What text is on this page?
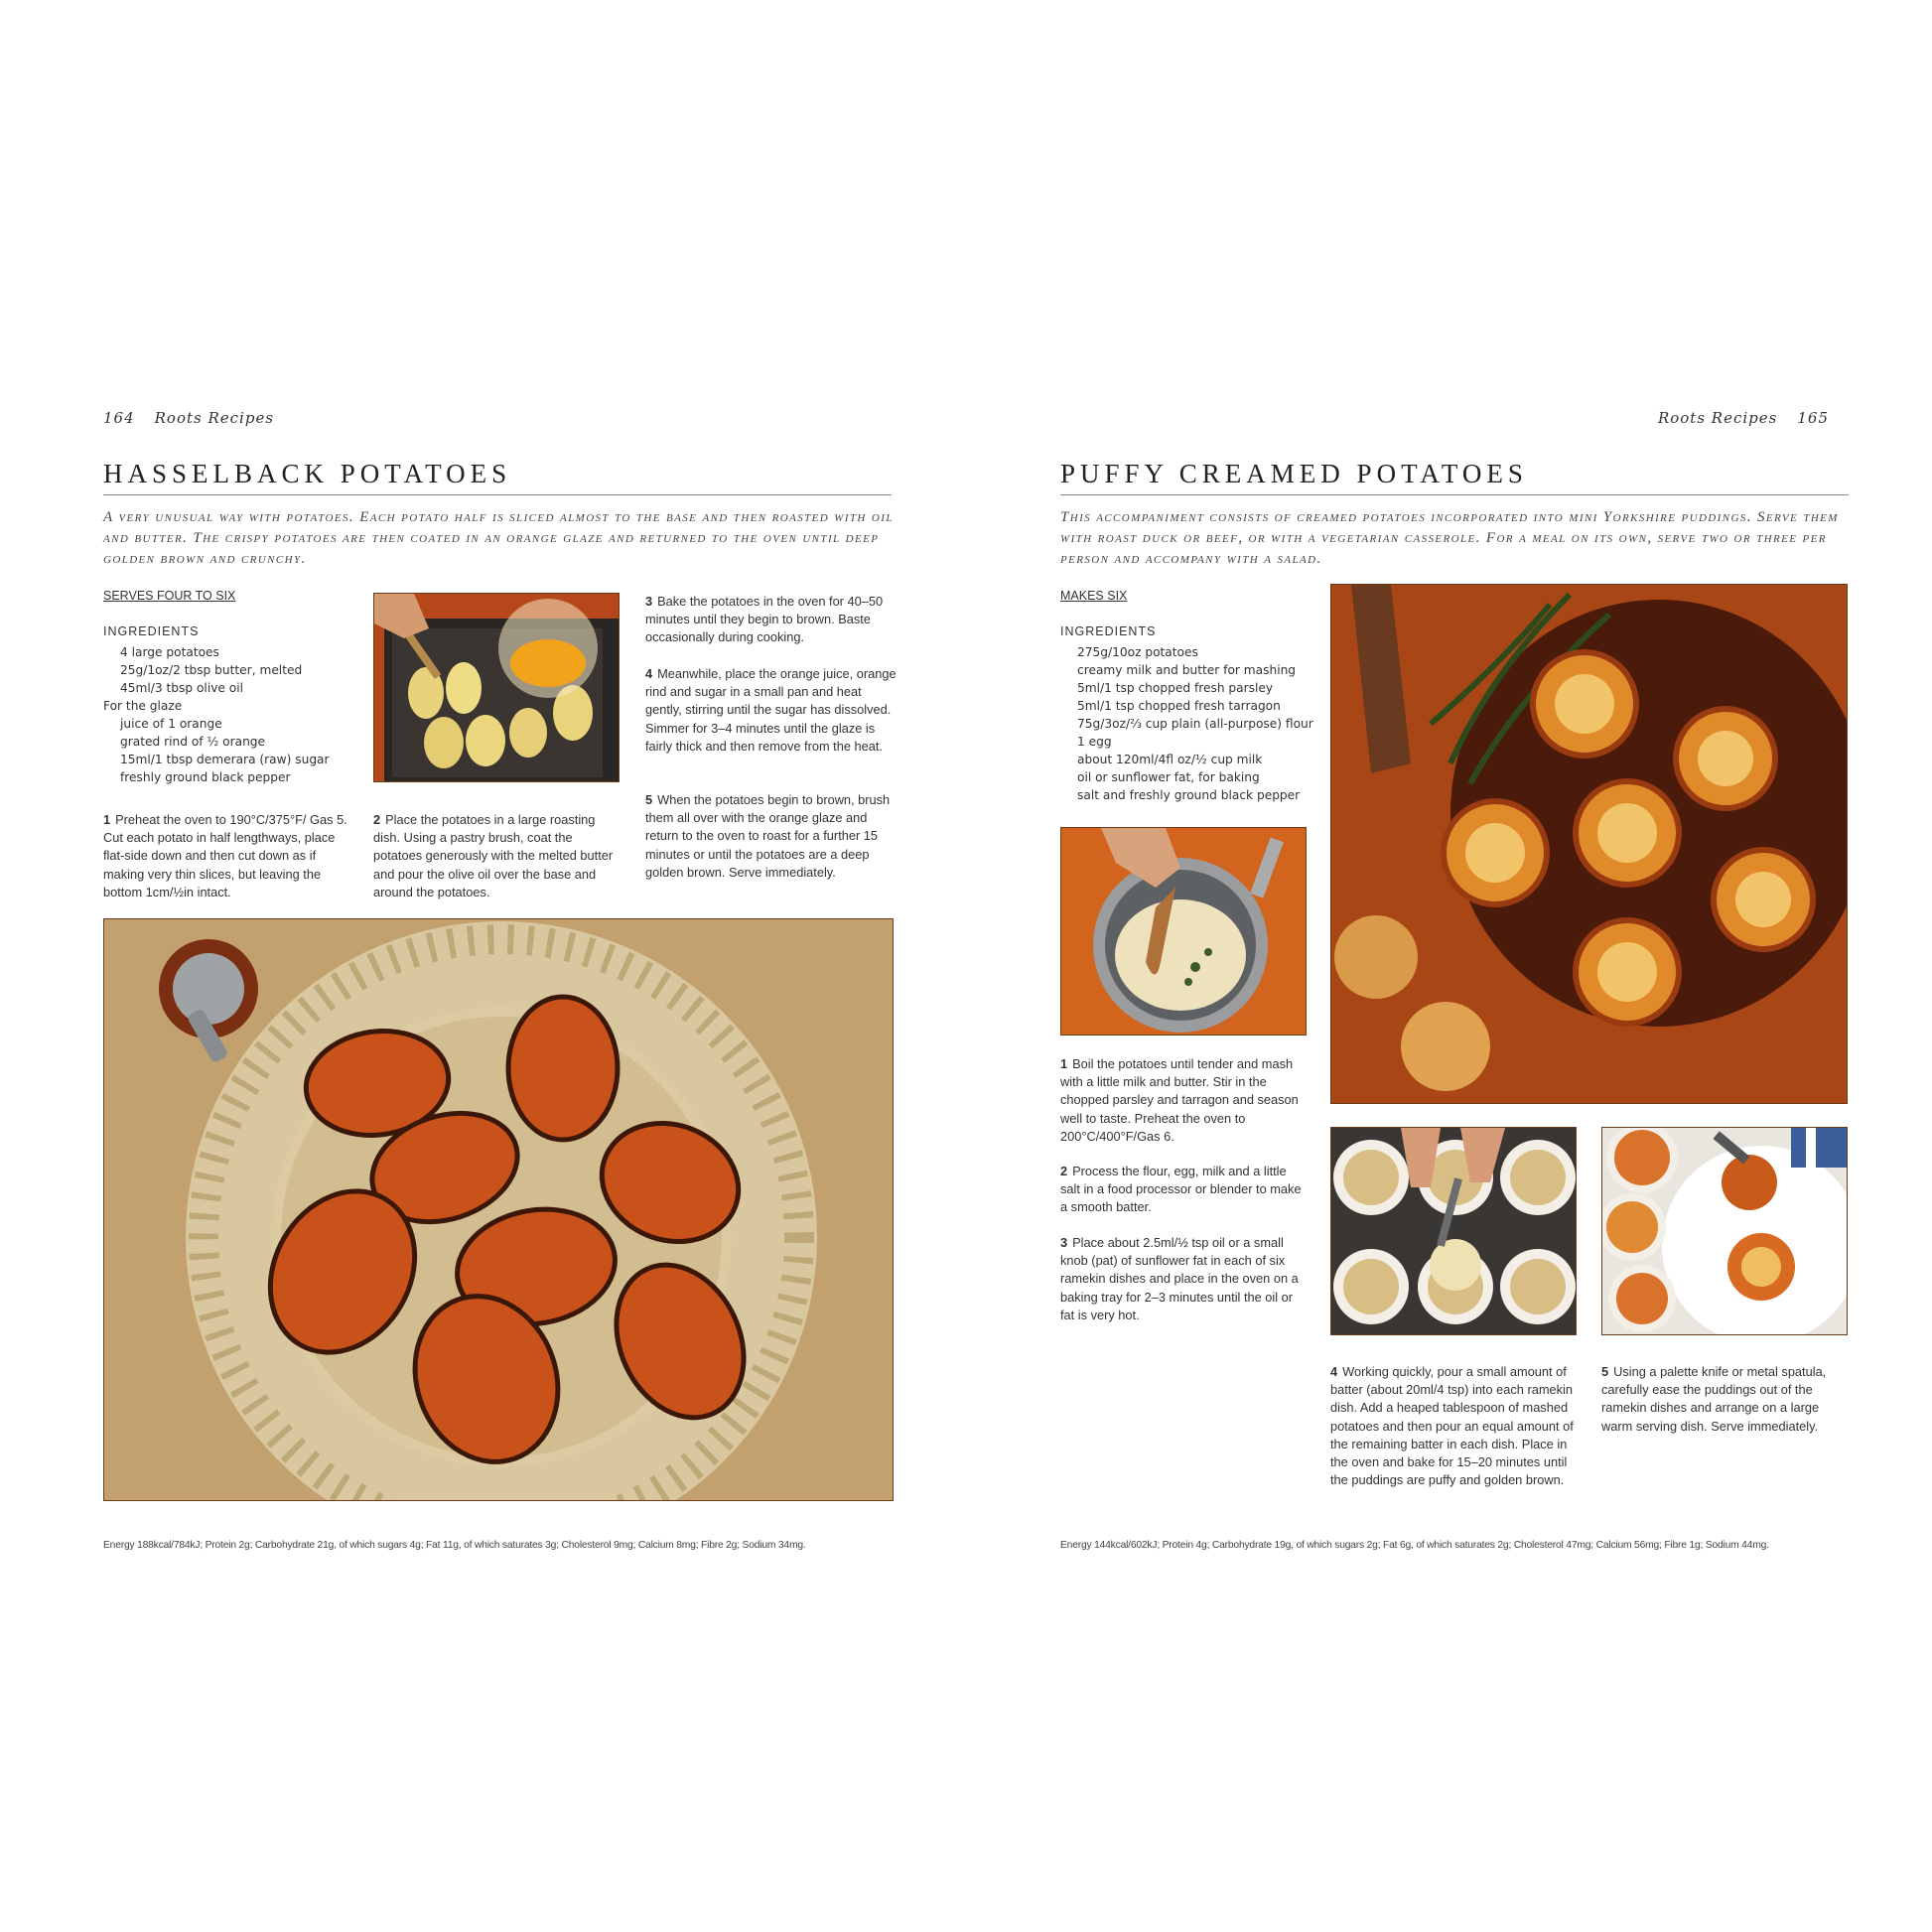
164 Roots Recipes
HASSELBACK POTATOES
A very unusual way with potatoes. Each potato half is sliced almost to the base and then roasted with oil and butter. The crispy potatoes are then coated in an orange glaze and returned to the oven until deep golden brown and crunchy.
SERVES FOUR TO SIX
INGREDIENTS
4 large potatoes
25g/1oz/2 tbsp butter, melted
45ml/3 tbsp olive oil
For the glaze
juice of 1 orange
grated rind of ½ orange
15ml/1 tbsp demerara (raw) sugar
freshly ground black pepper
1 Preheat the oven to 190°C/375°F/ Gas 5. Cut each potato in half lengthways, place flat-side down and then cut down as if making very thin slices, but leaving the bottom 1cm/½in intact.
2 Place the potatoes in a large roasting dish. Using a pastry brush, coat the potatoes generously with the melted butter and pour the olive oil over the base and around the potatoes.
3 Bake the potatoes in the oven for 40–50 minutes until they begin to brown. Baste occasionally during cooking.
4 Meanwhile, place the orange juice, orange rind and sugar in a small pan and heat gently, stirring until the sugar has dissolved. Simmer for 3–4 minutes until the glaze is fairly thick and then remove from the heat.
5 When the potatoes begin to brown, brush them all over with the orange glaze and return to the oven to roast for a further 15 minutes or until the potatoes are a deep golden brown. Serve immediately.
Energy 188kcal/784kJ; Protein 2g; Carbohydrate 21g, of which sugars 4g; Fat 11g, of which saturates 3g; Cholesterol 9mg; Calcium 8mg; Fibre 2g; Sodium 34mg.
Roots Recipes 165
PUFFY CREAMED POTATOES
This accompaniment consists of creamed potatoes incorporated into mini Yorkshire puddings. Serve them with roast duck or beef, or with a vegetarian casserole. For a meal on its own, serve two or three per person and accompany with a salad.
MAKES SIX
INGREDIENTS
275g/10oz potatoes
creamy milk and butter for mashing
5ml/1 tsp chopped fresh parsley
5ml/1 tsp chopped fresh tarragon
75g/3oz/⅔ cup plain (all-purpose) flour
1 egg
about 120ml/4fl oz/½ cup milk
oil or sunflower fat, for baking
salt and freshly ground black pepper
1 Boil the potatoes until tender and mash with a little milk and butter. Stir in the chopped parsley and tarragon and season well to taste. Preheat the oven to 200°C/400°F/Gas 6.
2 Process the flour, egg, milk and a little salt in a food processor or blender to make a smooth batter.
3 Place about 2.5ml/½ tsp oil or a small knob (pat) of sunflower fat in each of six ramekin dishes and place in the oven on a baking tray for 2–3 minutes until the oil or fat is very hot.
4 Working quickly, pour a small amount of batter (about 20ml/4 tsp) into each ramekin dish. Add a heaped tablespoon of mashed potatoes and then pour an equal amount of the remaining batter in each dish. Place in the oven and bake for 15–20 minutes until the puddings are puffy and golden brown.
5 Using a palette knife or metal spatula, carefully ease the puddings out of the ramekin dishes and arrange on a large warm serving dish. Serve immediately.
Energy 144kcal/602kJ; Protein 4g; Carbohydrate 19g, of which sugars 2g; Fat 6g, of which saturates 2g; Cholesterol 47mg; Calcium 56mg; Fibre 1g; Sodium 44mg.
